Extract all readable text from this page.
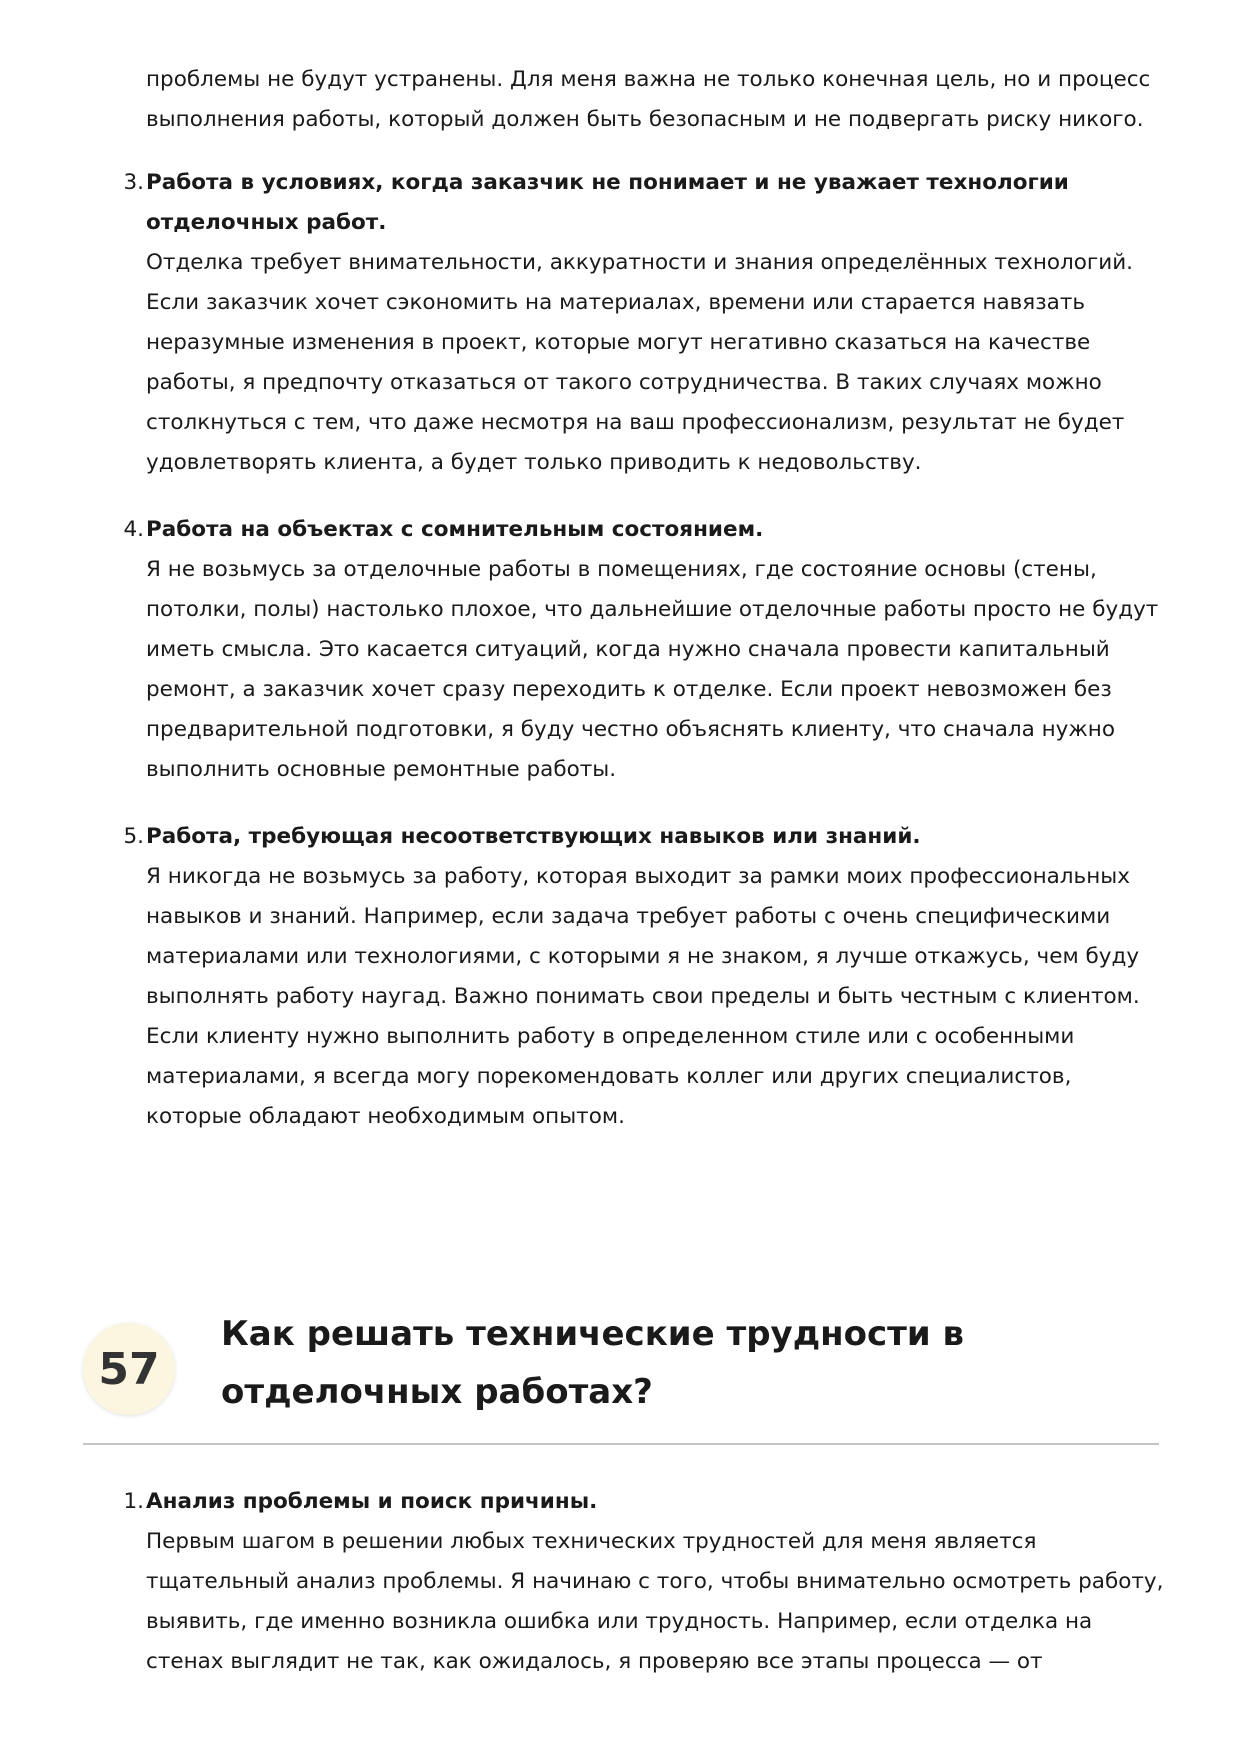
проблемы не будут устранены. Для меня важна не только конечная цель, но и процесс выполнения работы, который должен быть безопасным и не подвергать риску никого.

3. Работа в условиях, когда заказчик не понимает и не уважает технологии отделочных работ.

Отделка требует внимательности, аккуратности и знания определённых технологий. Если заказчик хочет сэкономить на материалах, времени или старается навязать неразумные изменения в проект, которые могут негативно сказаться на качестве работы, я предпочту отказаться от такого сотрудничества. В таких случаях можно столкнуться с тем, что даже несмотря на ваш профессионализм, результат не будет удовлетворять клиента, а будет только приводить к недовольству.

4. Работа на объектах с сомнительным состоянием.

Я не возьмусь за отделочные работы в помещениях, где состояние основы (стены, потолки, полы) настолько плохое, что дальнейшие отделочные работы просто не будут иметь смысла. Это касается ситуаций, когда нужно сначала провести капитальный ремонт, а заказчик хочет сразу переходить к отделке. Если проект невозможен без предварительной подготовки, я буду честно объяснять клиенту, что сначала нужно выполнить основные ремонтные работы.

5. Работа, требующая несоответствующих навыков или знаний.

Я никогда не возьмусь за работу, которая выходит за рамки моих профессиональных навыков и знаний. Например, если задача требует работы с очень специфическими материалами или технологиями, с которыми я не знаком, я лучше откажусь, чем буду выполнять работу наугад. Важно понимать свои пределы и быть честным с клиентом. Если клиенту нужно выполнить работу в определенном стиле или с особенными материалами, я всегда могу порекомендовать коллег или других специалистов, которые обладают необходимым опытом.

57
Как решать технические трудности в отделочных работах?
1. Анализ проблемы и поиск причины.

Первым шагом в решении любых технических трудностей для меня является тщательный анализ проблемы. Я начинаю с того, чтобы внимательно осмотреть работу, выявить, где именно возникла ошибка или трудность. Например, если отделка на стенах выглядит не так, как ожидалось, я проверяю все этапы процесса — от
